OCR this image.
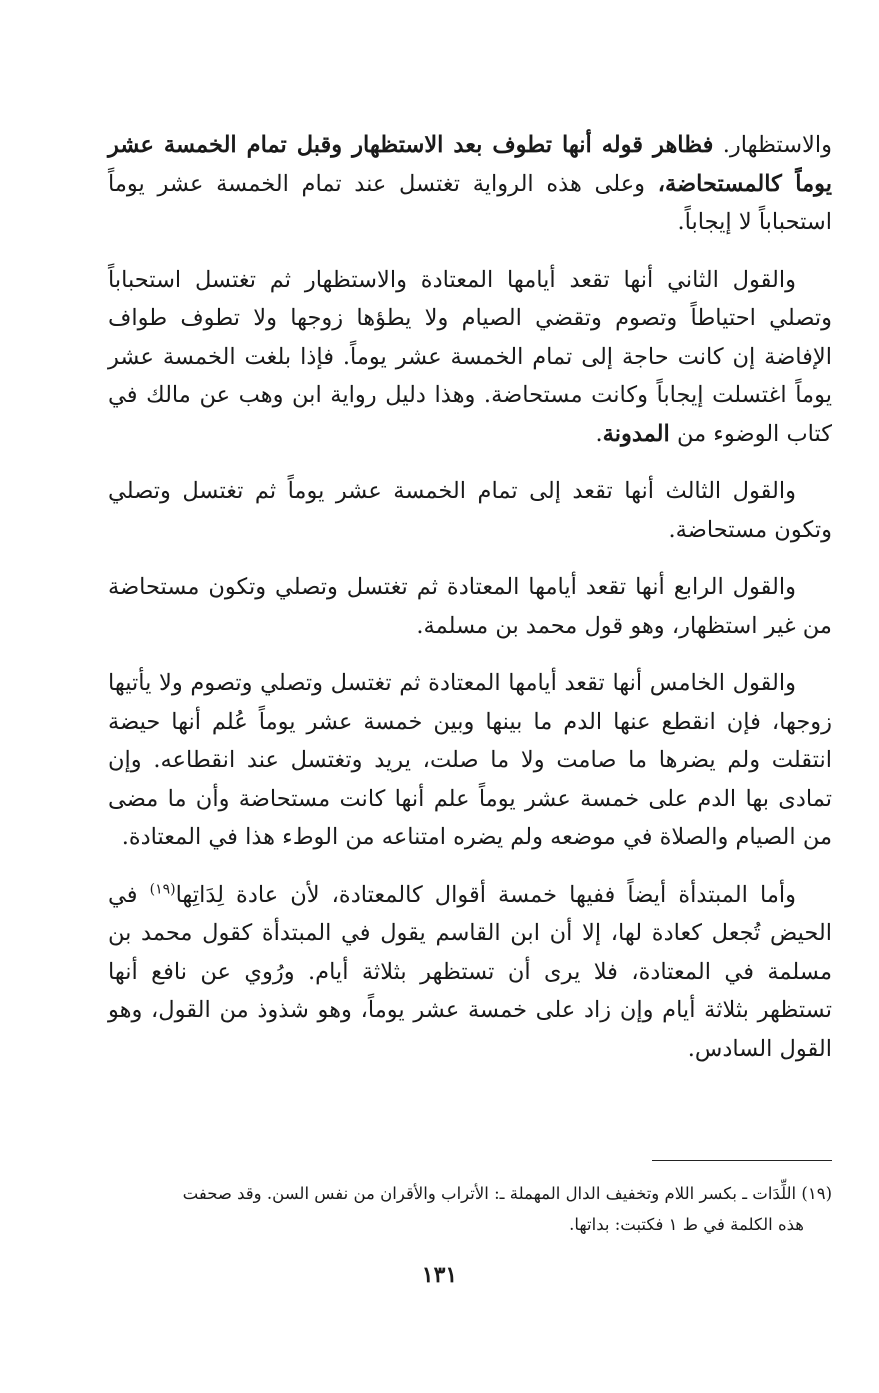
والاستظهار. فظاهر قوله أنها تطوف بعد الاستظهار وقبل تمام الخمسة عشر يوماً كالمستحاضة، وعلى هذه الرواية تغتسل عند تمام الخمسة عشر يوماً استحباباً لا إيجاباً.

والقول الثاني أنها تقعد أيامها المعتادة والاستظهار ثم تغتسل استحباباً وتصلي احتياطاً وتصوم وتقضي الصيام ولا يطؤها زوجها ولا تطوف طواف الإفاضة إن كانت حاجة إلى تمام الخمسة عشر يوماً. فإذا بلغت الخمسة عشر يوماً اغتسلت إيجاباً وكانت مستحاضة. وهذا دليل رواية ابن وهب عن مالك في كتاب الوضوء من المدونة.

والقول الثالث أنها تقعد إلى تمام الخمسة عشر يوماً ثم تغتسل وتصلي وتكون مستحاضة.

والقول الرابع أنها تقعد أيامها المعتادة ثم تغتسل وتصلي وتكون مستحاضة من غير استظهار، وهو قول محمد بن مسلمة.

والقول الخامس أنها تقعد أيامها المعتادة ثم تغتسل وتصلي وتصوم ولا يأتيها زوجها، فإن انقطع عنها الدم ما بينها وبين خمسة عشر يوماً عُلم أنها حيضة انتقلت ولم يضرها ما صامت ولا ما صلت، يريد وتغتسل عند انقطاعه. وإن تمادى بها الدم على خمسة عشر يوماً علم أنها كانت مستحاضة وأن ما مضى من الصيام والصلاة في موضعه ولم يضره امتناعه من الوطء هذا في المعتادة.

وأما المبتدأة أيضاً ففيها خمسة أقوال كالمعتادة، لأن عادة لِدَاتِها$^{(١٩)}$ في الحيض تُجعل كعادة لها، إلا أن ابن القاسم يقول في المبتدأة كقول محمد بن مسلمة في المعتادة، فلا يرى أن تستظهر بثلاثة أيام. ورُوي عن نافع أنها تستظهر بثلاثة أيام وإن زاد على خمسة عشر يوماً، وهو شذوذ من القول، وهو القول السادس.

(١٩) اللِّدَات ـ بكسر اللام وتخفيف الدال المهملة ـ: الأتراب والأقران من نفس السن. وقد صحفت
هذه الكلمة في ط ١ فكتبت: بداتها.
١٣١
